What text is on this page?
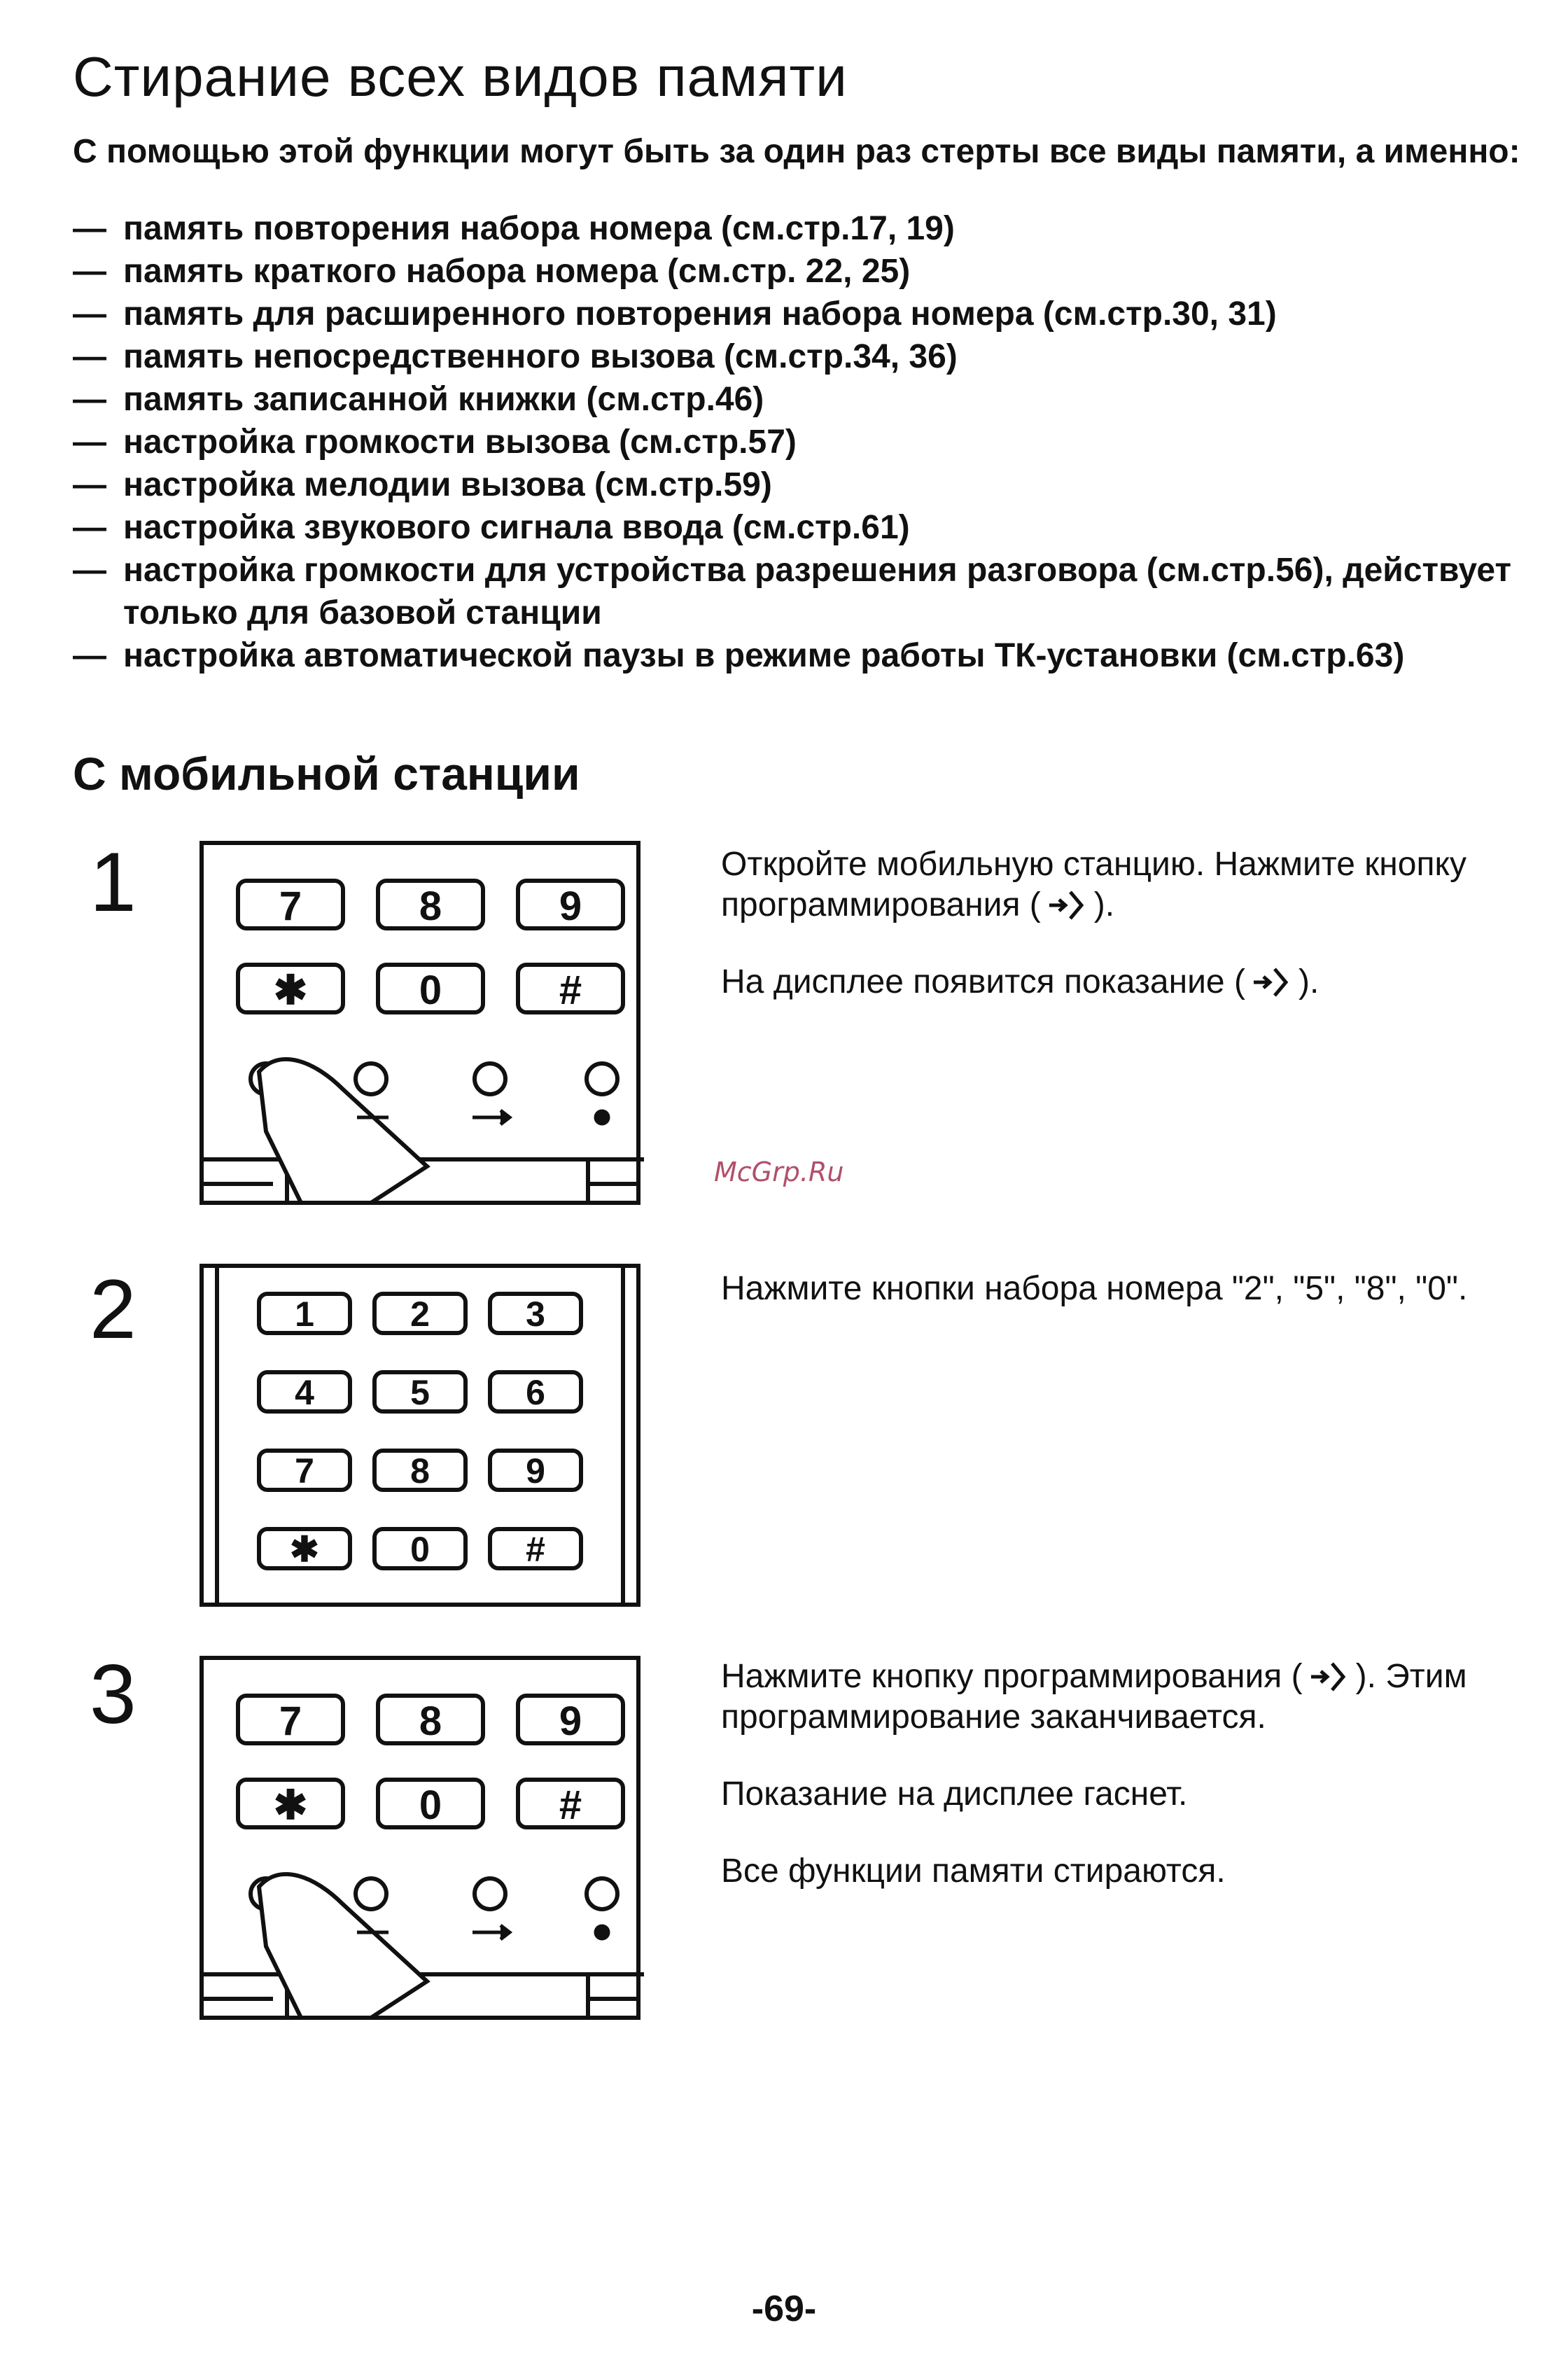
Стирание всех видов памяти

С помощью этой функции могут быть за один раз стерты все виды памяти, а именно:

— память повторения набора номера (см.стр.17, 19)
— память краткого набора номера (см.стр. 22, 25)
— память для расширенного повторения набора номера (см.стр.30, 31)
— память непосредственного вызова (см.стр.34, 36)
— память записанной книжки (см.стр.46)
— настройка громкости вызова (см.стр.57)
— настройка мелодии вызова (см.стр.59)
— настройка звукового сигнала ввода (см.стр.61)
— настройка громкости для устройства разрешения разговора (см.стр.56), действует только для базовой станции
— настройка автоматической паузы в режиме работы ТК-установки (см.стр.63)
С мобильной станции
1	7	8	9
✱	0	#

Откройте мобильную станцию. Нажмите кнопку программирования ( ).

На дисплее появится показание ( ).

McGrp.Ru
2	1	2	3
4	5	6
7	8	9
✱	0	#

Нажмите кнопки набора номера "2", "5", "8", "0".

3	7	8	9
✱	0	#

Нажмите кнопку программирования ( ). Этим программирование заканчивается.

Показание на дисплее гаснет.

Все функции памяти стираются.

-69-
